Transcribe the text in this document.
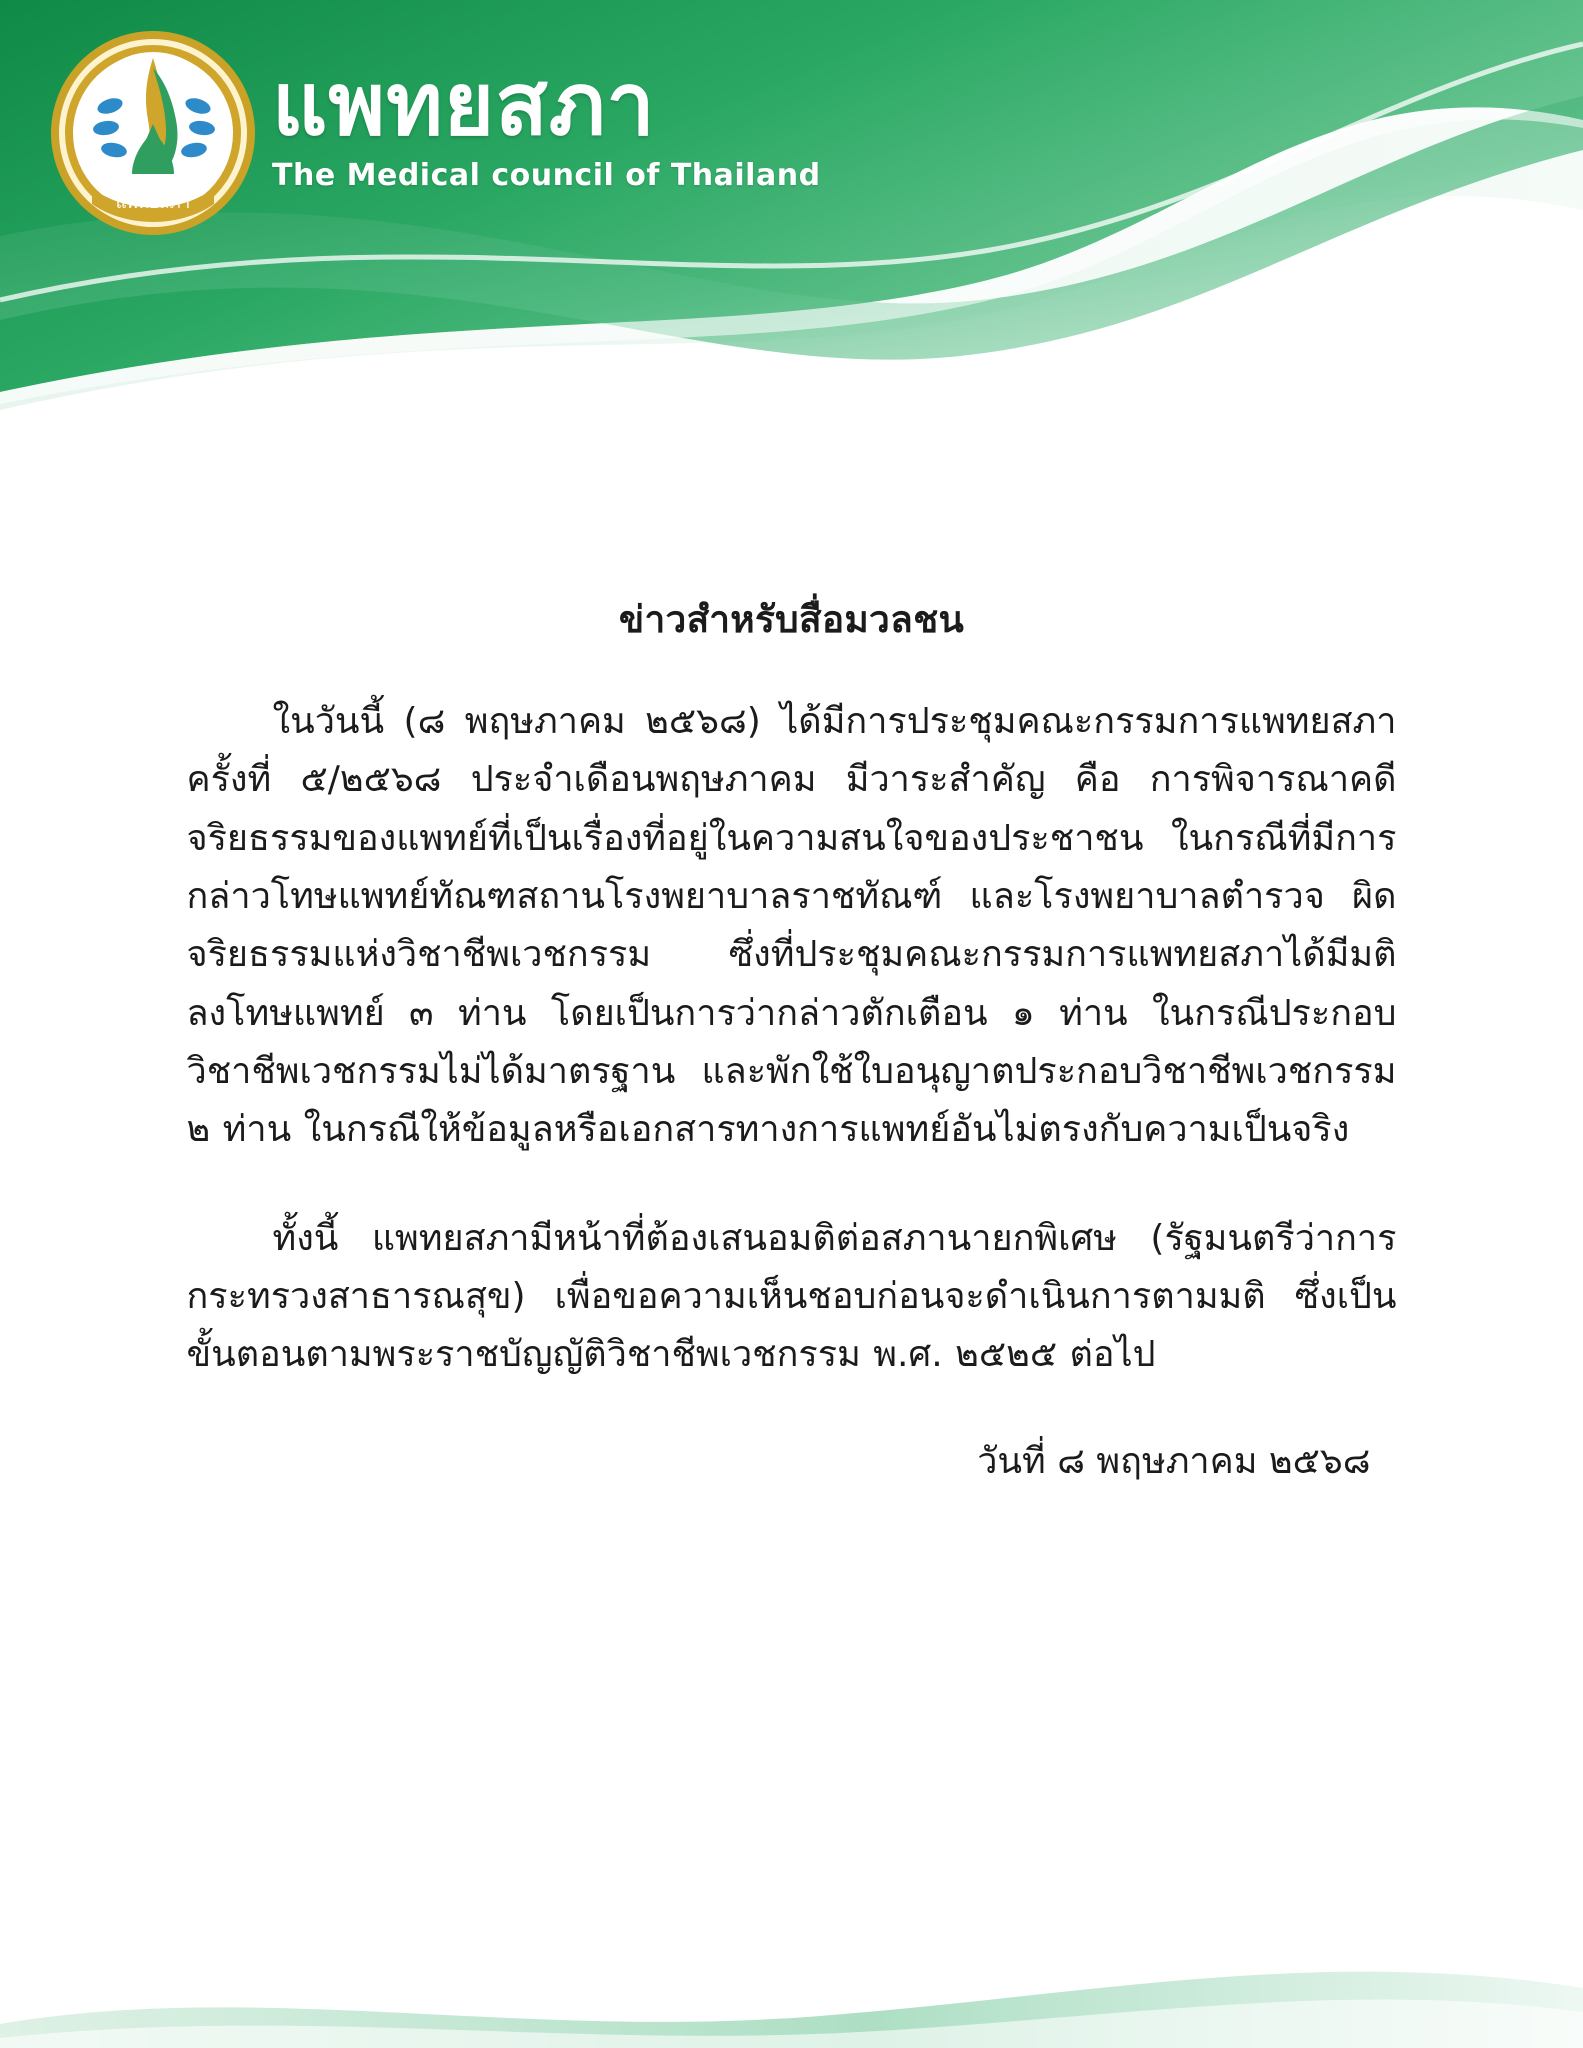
แพทยสภา
แพทยสภา
The Medical council of Thailand
ข่าวสำหรับสื่อมวลชน

ในวันนี้ (๘ พฤษภาคม ๒๕๖๘) ได้มีการประชุมคณะกรรมการแพทยสภา ครั้งที่ ๕/๒๕๖๘ ประจำเดือนพฤษภาคม มีวาระสำคัญ คือ การพิจารณาคดีจริยธรรมของแพทย์ที่เป็นเรื่องที่อยู่ในความสนใจของประชาชน ในกรณีที่มีการกล่าวโทษแพทย์ทัณฑสถานโรงพยาบาลราชทัณฑ์ และโรงพยาบาลตำรวจ ผิดจริยธรรมแห่งวิชาชีพเวชกรรม ซึ่งที่ประชุมคณะกรรมการแพทยสภาได้มีมติลงโทษแพทย์ ๓ ท่าน โดยเป็นการว่ากล่าวตักเตือน ๑ ท่าน ในกรณีประกอบวิชาชีพเวชกรรมไม่ได้มาตรฐาน และพักใช้ใบอนุญาตประกอบวิชาชีพเวชกรรม ๒ ท่าน ในกรณีให้ข้อมูลหรือเอกสารทางการแพทย์อันไม่ตรงกับความเป็นจริง

ทั้งนี้ แพทยสภามีหน้าที่ต้องเสนอมติต่อสภานายกพิเศษ (รัฐมนตรีว่าการกระทรวงสาธารณสุข) เพื่อขอความเห็นชอบก่อนจะดำเนินการตามมติ ซึ่งเป็นขั้นตอนตามพระราชบัญญัติวิชาชีพเวชกรรม พ.ศ. ๒๕๒๕ ต่อไป

วันที่ ๘ พฤษภาคม ๒๕๖๘
